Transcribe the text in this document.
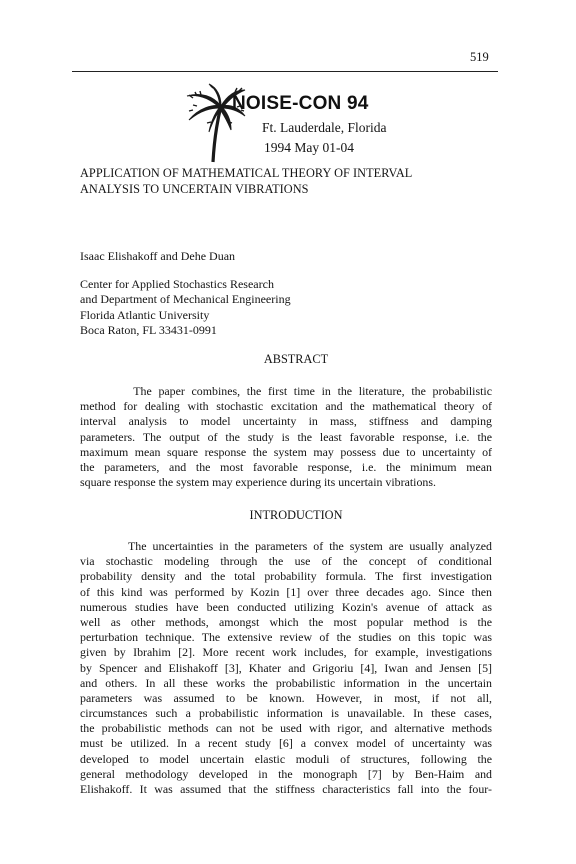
519
NOISE-CON 94
Ft. Lauderdale, Florida
1994 May 01-04
APPLICATION OF MATHEMATICAL THEORY OF INTERVAL
ANALYSIS TO UNCERTAIN VIBRATIONS
Isaac Elishakoff and Dehe Duan
Center for Applied Stochastics Research
and Department of Mechanical Engineering
Florida Atlantic University
Boca Raton, FL 33431-0991
ABSTRACT
The paper combines, the first time in the literature, the probabilistic
method for dealing with stochastic excitation and the mathematical theory of
interval analysis to model uncertainty in mass, stiffness and damping
parameters. The output of the study is the least favorable response, i.e. the
maximum mean square response the system may possess due to uncertainty of
the parameters, and the most favorable response, i.e. the minimum mean
square response the system may experience during its uncertain vibrations.
INTRODUCTION
The uncertainties in the parameters of the system are usually analyzed
via stochastic modeling through the use of the concept of conditional
probability density and the total probability formula. The first investigation
of this kind was performed by Kozin [1] over three decades ago. Since then
numerous studies have been conducted utilizing Kozin's avenue of attack as
well as other methods, amongst which the most popular method is the
perturbation technique. The extensive review of the studies on this topic was
given by Ibrahim [2]. More recent work includes, for example, investigations
by Spencer and Elishakoff [3], Khater and Grigoriu [4], Iwan and Jensen [5]
and others. In all these works the probabilistic information in the uncertain
parameters was assumed to be known. However, in most, if not all,
circumstances such a probabilistic information is unavailable. In these cases,
the probabilistic methods can not be used with rigor, and alternative methods
must be utilized. In a recent study [6] a convex model of uncertainty was
developed to model uncertain elastic moduli of structures, following the
general methodology developed in the monograph [7] by Ben-Haim and
Elishakoff. It was assumed that the stiffness characteristics fall into the four-
